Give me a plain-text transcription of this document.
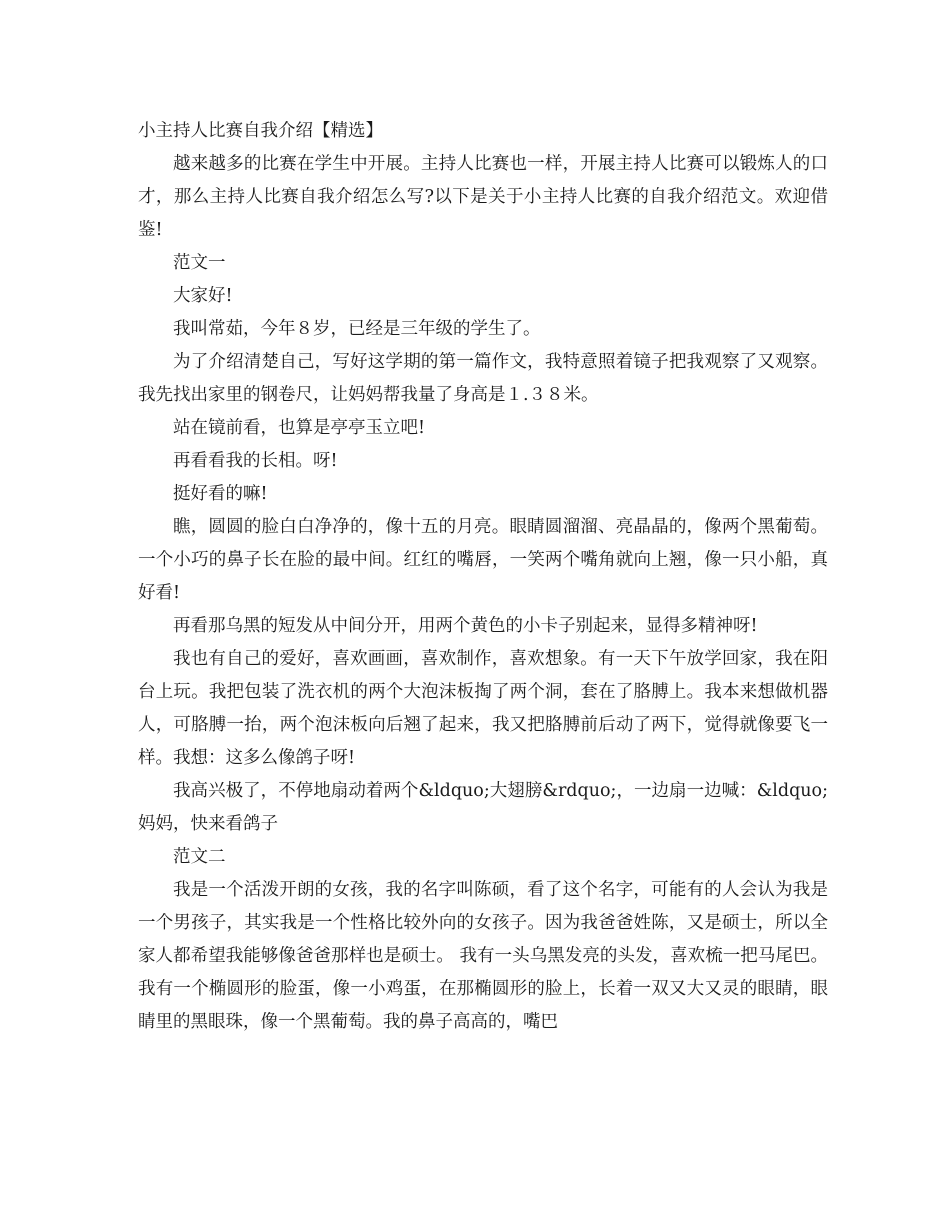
小主持人比赛自我介绍【精选】

越来越多的比赛在学生中开展。主持人比赛也一样，开展主持人比赛可以锻炼人的口才，那么主持人比赛自我介绍怎么写?以下是关于小主持人比赛的自我介绍范文。欢迎借鉴!

范文一

大家好!

我叫常茹，今年８岁，已经是三年级的学生了。

为了介绍清楚自己，写好这学期的第一篇作文，我特意照着镜子把我观察了又观察。我先找出家里的钢卷尺，让妈妈帮我量了身高是１.３８米。

站在镜前看，也算是亭亭玉立吧!

再看看我的长相。呀!

挺好看的嘛!

瞧，圆圆的脸白白净净的，像十五的月亮。眼睛圆溜溜、亮晶晶的，像两个黑葡萄。一个小巧的鼻子长在脸的最中间。红红的嘴唇，一笑两个嘴角就向上翘，像一只小船，真好看!

再看那乌黑的短发从中间分开，用两个黄色的小卡子别起来，显得多精神呀!

我也有自己的爱好，喜欢画画，喜欢制作，喜欢想象。有一天下午放学回家，我在阳台上玩。我把包装了洗衣机的两个大泡沫板掏了两个洞，套在了胳膊上。我本来想做机器人，可胳膊一抬，两个泡沫板向后翘了起来，我又把胳膊前后动了两下，觉得就像要飞一样。我想：这多么像鸽子呀!

我高兴极了，不停地扇动着两个&ldquo;大翅膀&rdquo;，一边扇一边喊：&ldquo;妈妈，快来看鸽子

范文二

我是一个活泼开朗的女孩，我的名字叫陈硕，看了这个名字，可能有的人会认为我是一个男孩子，其实我是一个性格比较外向的女孩子。因为我爸爸姓陈，又是硕士，所以全家人都希望我能够像爸爸那样也是硕士。 我有一头乌黑发亮的头发，喜欢梳一把马尾巴。我有一个椭圆形的脸蛋，像一小鸡蛋，在那椭圆形的脸上，长着一双又大又灵的眼睛，眼睛里的黑眼珠，像一个黑葡萄。我的鼻子高高的，嘴巴
